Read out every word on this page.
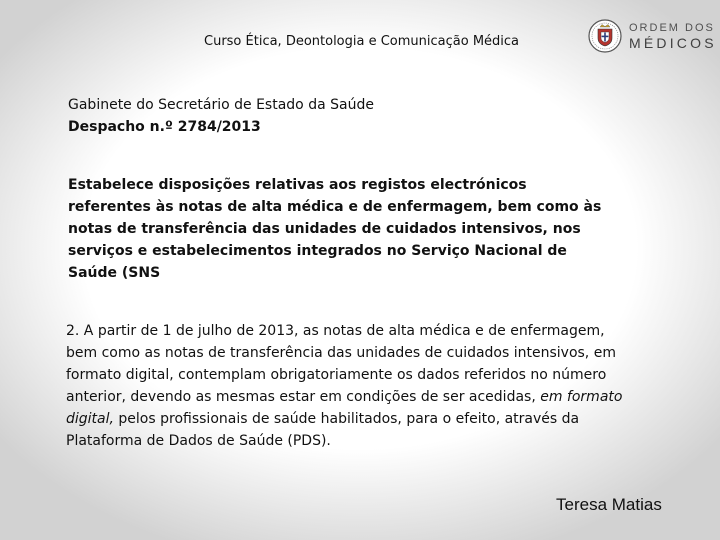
Curso Ética, Deontologia e Comunicação Médica
ORDEM DOS
MÉDICOS
Gabinete do Secretário de Estado da Saúde
Despacho n.º 2784/2013
Estabelece disposições relativas aos registos electrónicos referentes às notas de alta médica e de enfermagem, bem como às notas de transferência das unidades de cuidados intensivos, nos serviços e estabelecimentos integrados no Serviço Nacional de Saúde (SNS
2. A partir de 1 de julho de 2013, as notas de alta médica e de enfermagem, bem como as notas de transferência das unidades de cuidados intensivos, em formato digital, contemplam obrigatoriamente os dados referidos no número anterior, devendo as mesmas estar em condições de ser acedidas, em formato digital, pelos profissionais de saúde habilitados, para o efeito, através da Plataforma de Dados de Saúde (PDS).
Teresa Matias
